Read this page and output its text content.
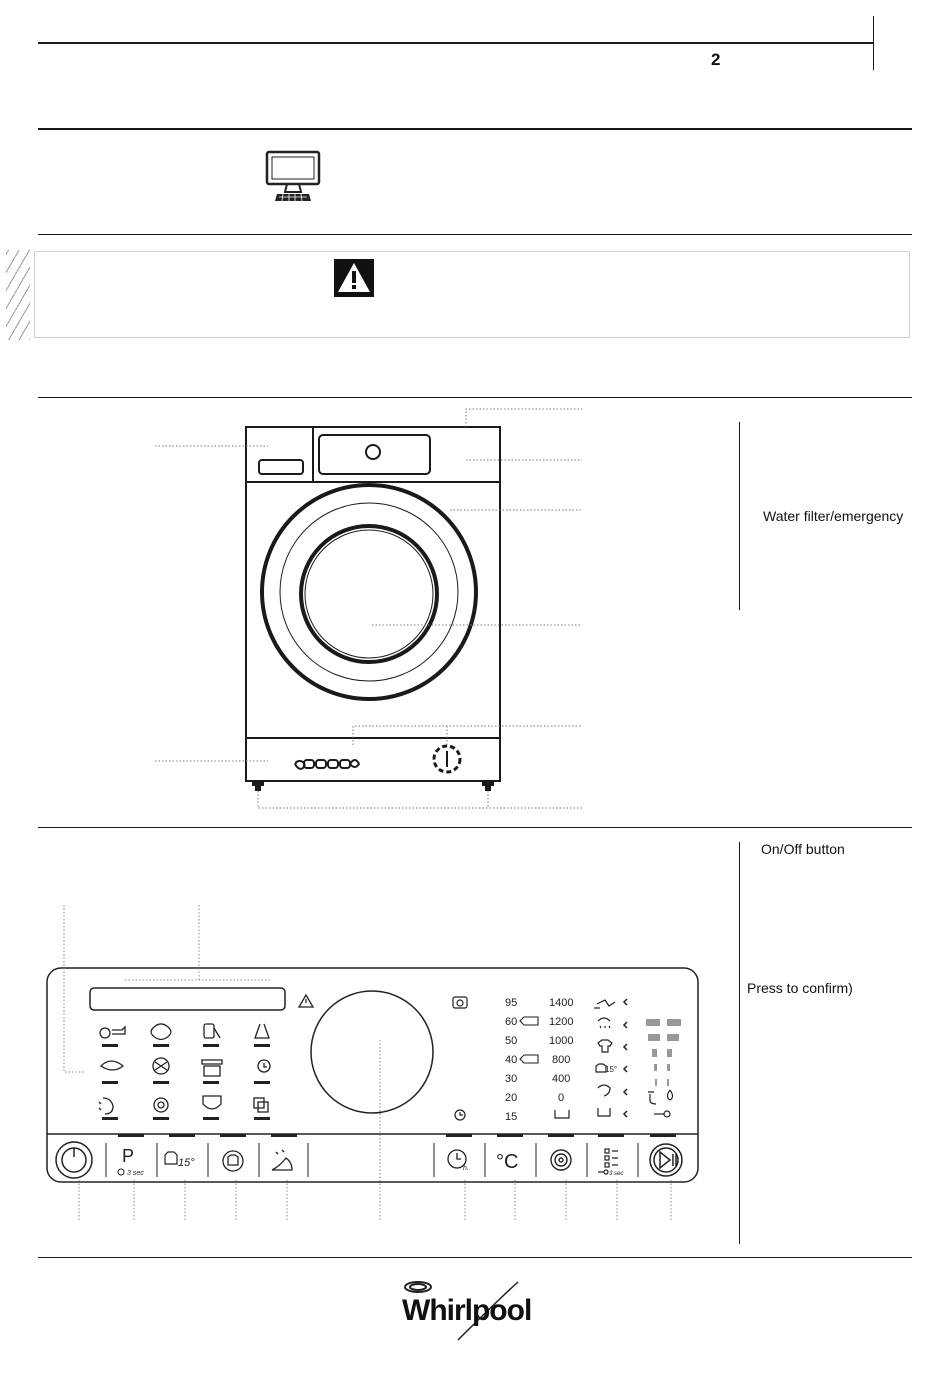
2
Water filter/emergency
On/Off button
Press to confirm)
95
60
50
40
30
20
15
1400
1200
1000
800
400
0
15°
P
3 sec
15°	h. °C
3 sec
Whirlpool
